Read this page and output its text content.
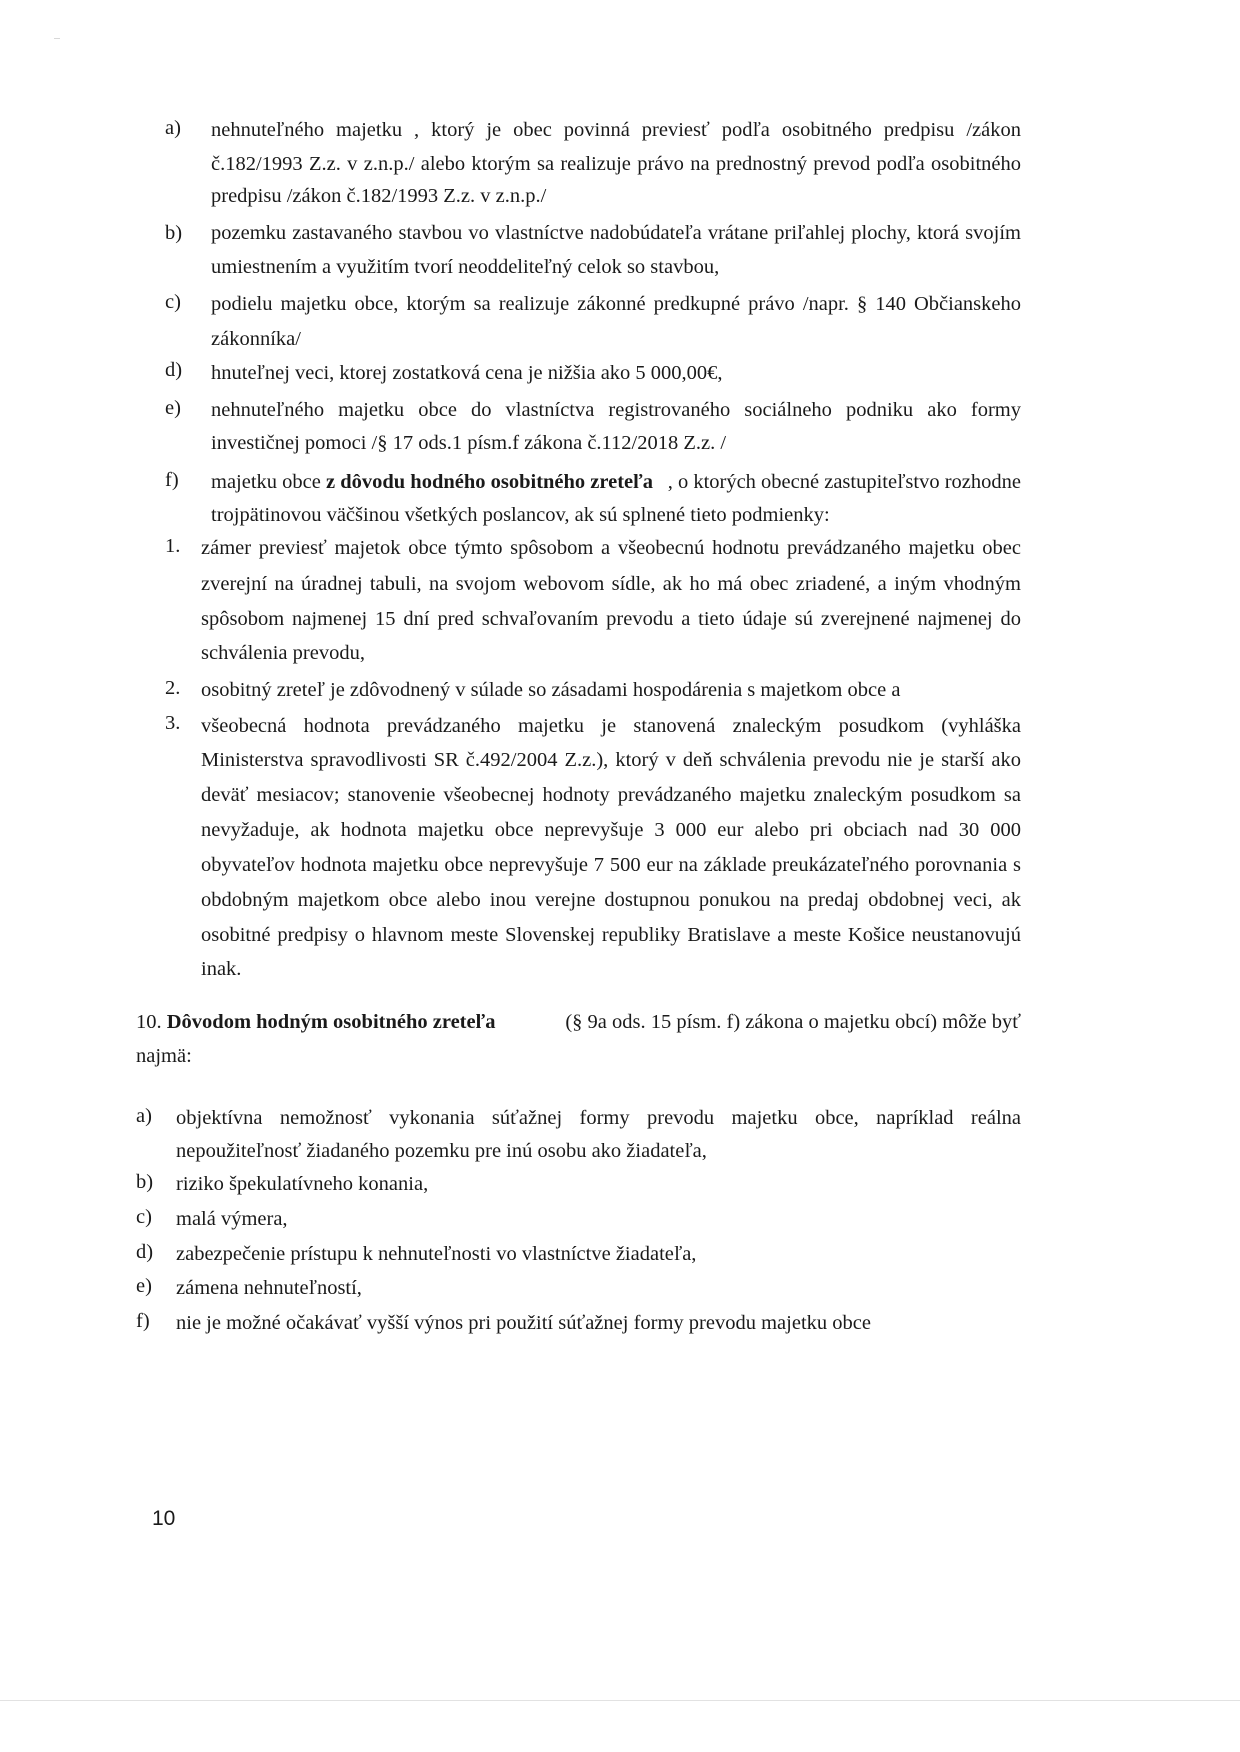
a) nehnuteľného majetku , ktorý je obec povinná previesť podľa osobitného predpisu /zákon
č.182/1993 Z.z. v z.n.p./ alebo ktorým sa realizuje právo na prednostný prevod podľa osobitného
predpisu /zákon č.182/1993 Z.z. v z.n.p./
b) pozemku zastavaného stavbou vo vlastníctve nadobúdateľa vrátane priľahlej plochy, ktorá svojím
umiestnením a využitím tvorí neoddeliteľný celok so stavbou,
c) podielu majetku obce, ktorým sa realizuje zákonné predkupné právo /napr. § 140 Občianskeho
zákonníka/
d) hnuteľnej veci, ktorej zostatková cena je nižšia ako 5 000,00€,
e) nehnuteľného majetku obce do vlastníctva registrovaného sociálneho podniku ako formy
investičnej pomoci /§ 17 ods.1 písm.f zákona č.112/2018 Z.z. /
f) majetku obce z dôvodu hodného osobitného zreteľa , o ktorých obecné zastupiteľstvo rozhodne
trojpätinovou väčšinou všetkých poslancov, ak sú splnené tieto podmienky:
1. zámer previesť majetok obce týmto spôsobom a všeobecnú hodnotu prevádzaného majetku obec
zverejní na úradnej tabuli, na svojom webovom sídle, ak ho má obec zriadené, a iným vhodným
spôsobom najmenej 15 dní pred schvaľovaním prevodu a tieto údaje sú zverejnené najmenej do
schválenia prevodu,
2. osobitný zreteľ je zdôvodnený v súlade so zásadami hospodárenia s majetkom obce a
3. všeobecná hodnota prevádzaného majetku je stanovená znaleckým posudkom (vyhláška
Ministerstva spravodlivosti SR č.492/2004 Z.z.), ktorý v deň schválenia prevodu nie je starší ako
deväť mesiacov; stanovenie všeobecnej hodnoty prevádzaného majetku znaleckým posudkom sa
nevyžaduje, ak hodnota majetku obce neprevyšuje 3 000 eur alebo pri obciach nad 30 000
obyvateľov hodnota majetku obce neprevyšuje 7 500 eur na základe preukázateľného porovnania s
obdobným majetkom obce alebo inou verejne dostupnou ponukou na predaj obdobnej veci, ak
osobitné predpisy o hlavnom meste Slovenskej republiky Bratislave a meste Košice neustanovujú
inak.
10. Dôvodom hodným osobitného zreteľa	(§ 9a ods. 15 písm. f) zákona o majetku obcí) môže byť
najmä:
a) objektívna nemožnosť vykonania súťažnej formy prevodu majetku obce, napríklad reálna
nepoužiteľnosť žiadaného pozemku pre inú osobu ako žiadateľa,
b) riziko špekulatívneho konania,
c) malá výmera,
d) zabezpečenie prístupu k nehnuteľnosti vo vlastníctve žiadateľa,
e) zámena nehnuteľností,
f) nie je možné očakávať vyšší výnos pri použití súťažnej formy prevodu majetku obce
10
